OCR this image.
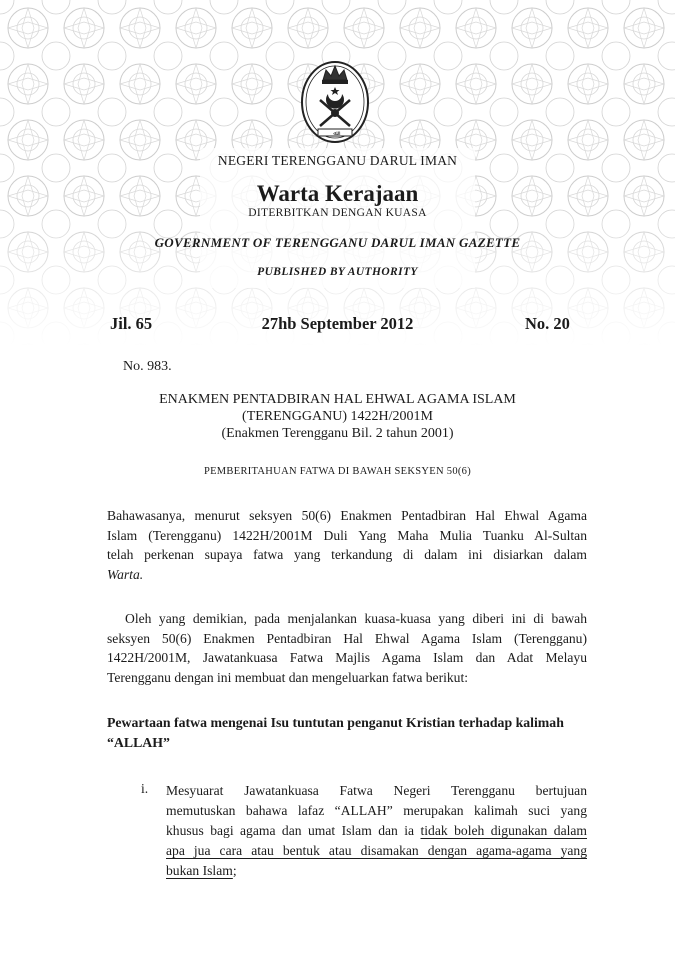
ﷲ

NEGERI TERENGGANU DARUL IMAN

Warta Kerajaan

DITERBITKAN DENGAN KUASA

GOVERNMENT OF TERENGGANU DARUL IMAN GAZETTE

PUBLISHED BY AUTHORITY

Jil. 65	27hb September 2012	No. 20

No. 983.

ENAKMEN PENTADBIRAN HAL EHWAL AGAMA ISLAM

(TERENGGANU) 1422H/2001M

(Enakmen Terengganu Bil. 2 tahun 2001)

PEMBERITAHUAN FATWA DI BAWAH SEKSYEN 50(6)

Bahawasanya, menurut seksyen 50(6) Enakmen Pentadbiran Hal Ehwal Agama
Islam (Terengganu) 1422H/2001M Duli Yang Maha Mulia Tuanku Al-Sultan
telah perkenan supaya fatwa yang terkandung di dalam ini disiarkan dalam
Warta.
Oleh yang demikian, pada menjalankan kuasa-kuasa yang diberi ini di bawah
seksyen 50(6) Enakmen Pentadbiran Hal Ehwal Agama Islam (Terengganu)
1422H/2001M, Jawatankuasa Fatwa Majlis Agama Islam dan Adat Melayu
Terengganu dengan ini membuat dan mengeluarkan fatwa berikut:
Pewartaan fatwa mengenai Isu tuntutan penganut Kristian terhadap kalimah
“ALLAH”

i. Mesyuarat Jawatankuasa Fatwa Negeri Terengganu bertujuan
memutuskan bahawa lafaz “ALLAH” merupakan kalimah suci yang
khusus bagi agama dan umat Islam dan ia tidak boleh digunakan dalam
apa jua cara atau bentuk atau disamakan dengan agama-agama yang
bukan Islam;
